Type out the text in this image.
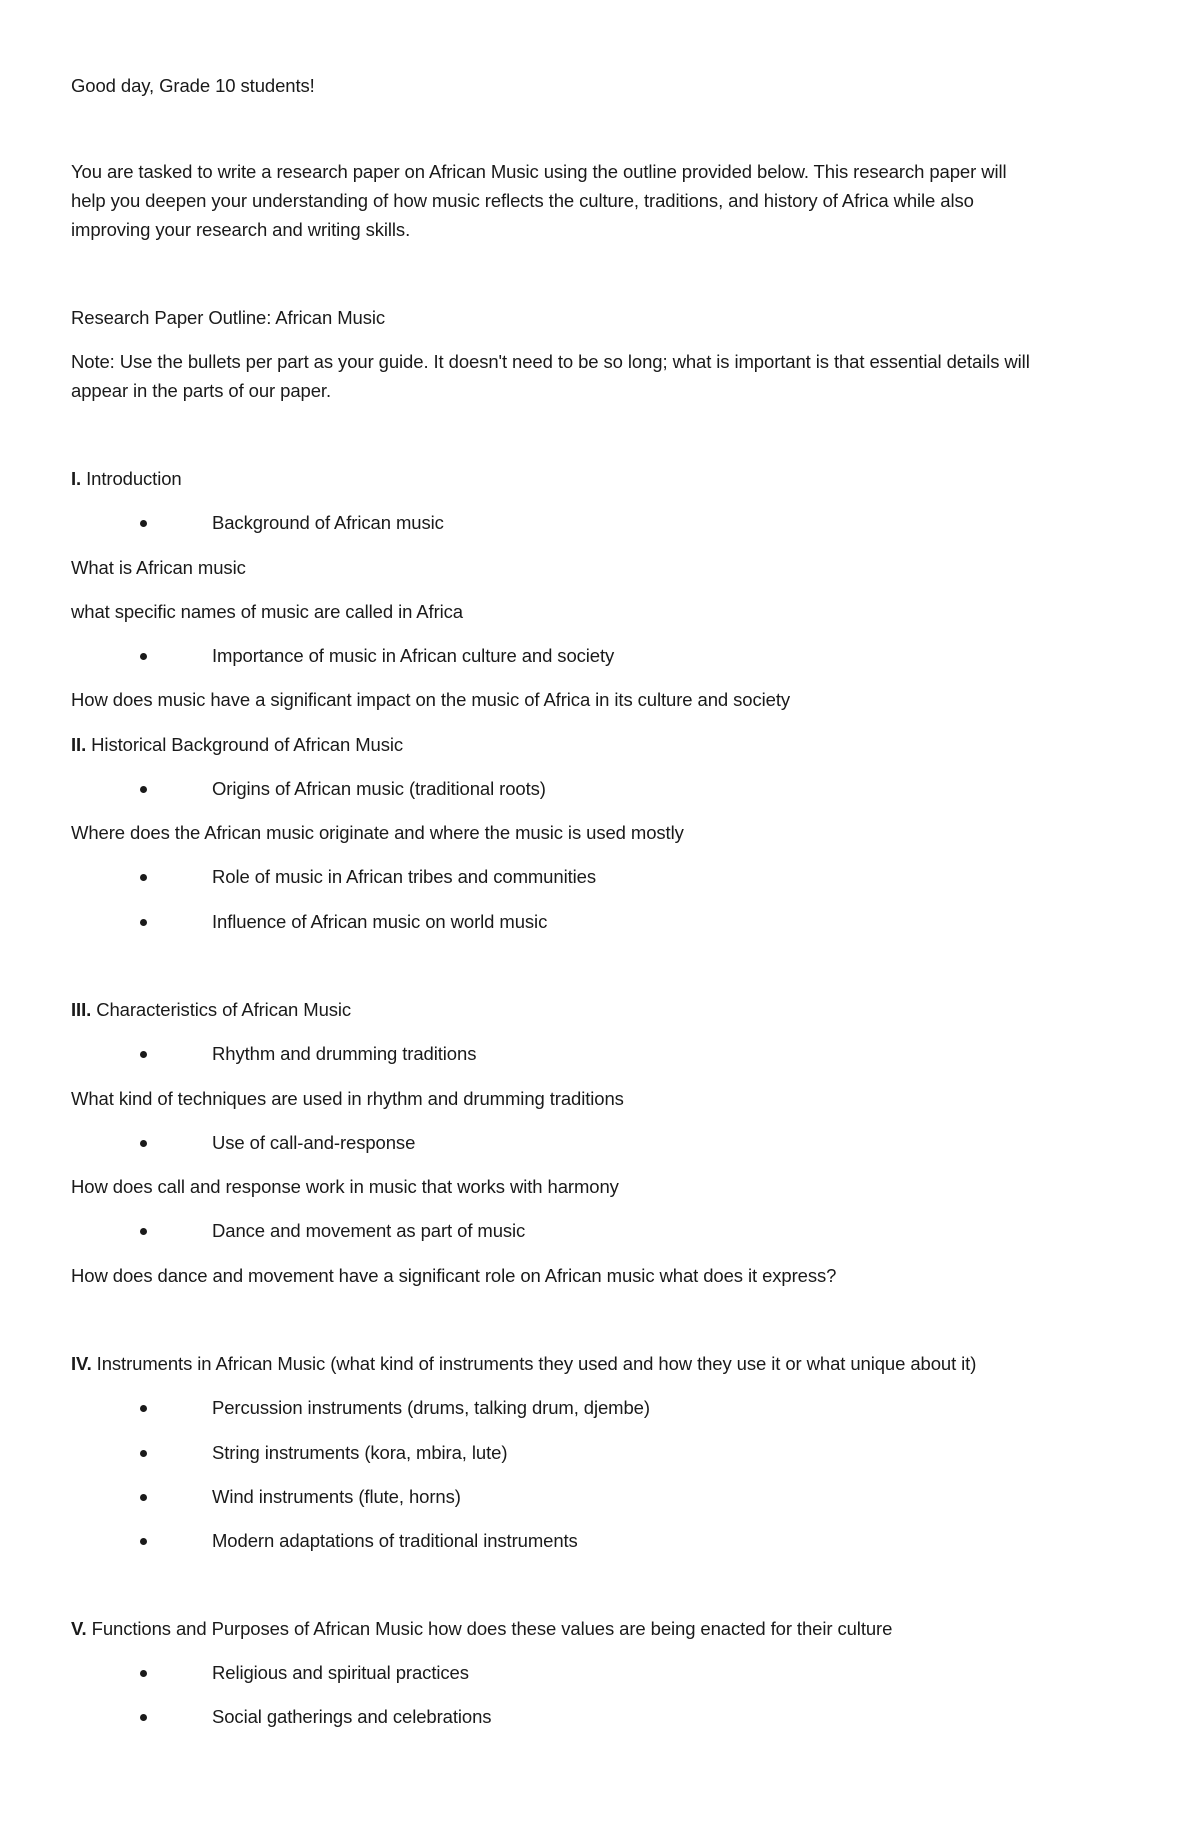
Good day, Grade 10 students!
You are tasked to write a research paper on African Music using the outline provided below. This research paper will
help you deepen your understanding of how music reflects the culture, traditions, and history of Africa while also
improving your research and writing skills.
Research Paper Outline: African Music
Note: Use the bullets per part as your guide. It doesn't need to be so long; what is important is that essential details will
appear in the parts of our paper.
I. Introduction
Background of African music
What is African music
what specific names of music are called in Africa
Importance of music in African culture and society
How does music have a significant impact on the music of Africa in its culture and society
II. Historical Background of African Music
Origins of African music (traditional roots)
Where does the African music originate and where the music is used mostly
Role of music in African tribes and communities
Influence of African music on world music
III. Characteristics of African Music
Rhythm and drumming traditions
What kind of techniques are used in rhythm and drumming traditions
Use of call-and-response
How does call and response work in music that works with harmony
Dance and movement as part of music
How does dance and movement have a significant role on African music what does it express?
IV. Instruments in African Music (what kind of instruments they used and how they use it or what unique about it)
Percussion instruments (drums, talking drum, djembe)
String instruments (kora, mbira, lute)
Wind instruments (flute, horns)
Modern adaptations of traditional instruments
V. Functions and Purposes of African Music how does these values are being enacted for their culture
Religious and spiritual practices
Social gatherings and celebrations
